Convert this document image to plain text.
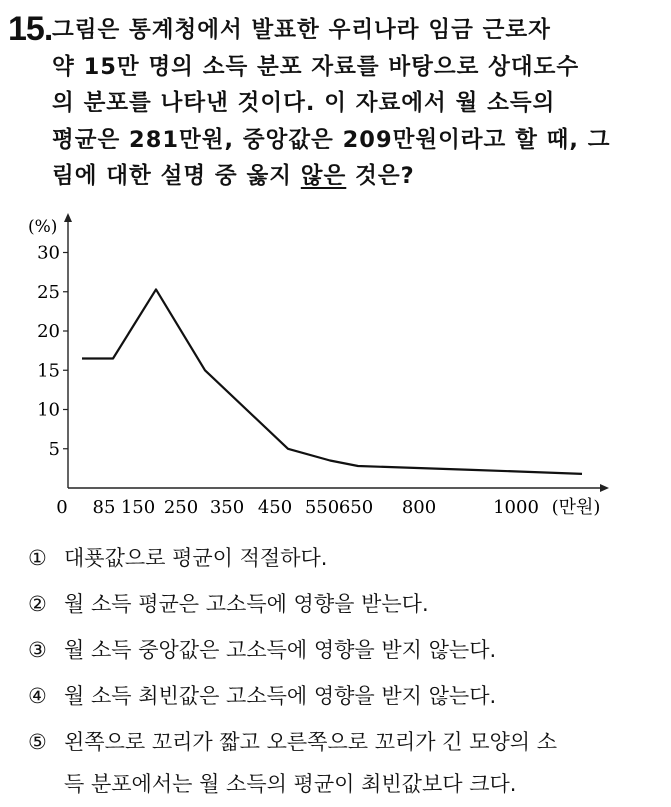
15. 그림은 통계청에서 발표한 우리나라 임금 근로자
약 15만 명의 소득 분포 자료를 바탕으로 상대도수
의 분포를 나타낸 것이다. 이 자료에서 월 소득의
평균은 281만원, 중앙값은 209만원이라고 할 때, 그
림에 대한 설명 중 옳지 않은 것은?
(%)
5
10
15
20
25
30
0 85 150 250 350 450 550 650 800	1000 (만원)
① 대푯값으로 평균이 적절하다.
② 월 소득 평균은 고소득에 영향을 받는다.
③ 월 소득 중앙값은 고소득에 영향을 받지 않는다.
④ 월 소득 최빈값은 고소득에 영향을 받지 않는다.
⑤ 왼쪽으로 꼬리가 짧고 오른쪽으로 꼬리가 긴 모양의 소
득 분포에서는 월 소득의 평균이 최빈값보다 크다.
